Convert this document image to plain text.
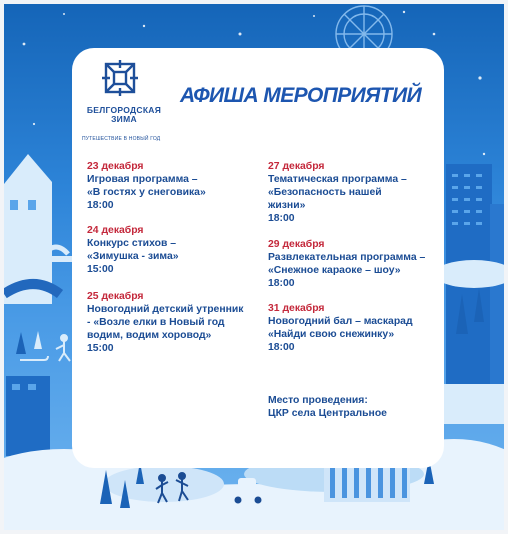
БЕЛГОРОДСКАЯ
ЗИМА
ПУТЕШЕСТВИЕ В НОВЫЙ ГОД
АФИША МЕРОПРИЯТИЙ
23 декабря
Игровая программа –
«В гостях у снеговика»
18:00
24 декабря
Конкурс стихов –
«Зимушка - зима»
15:00
25 декабря
Новогодний детский утренник
- «Возле елки в Новый год
водим, водим хоровод»
15:00
27 декабря
Тематическая программа –
«Безопасность нашей
жизни»
18:00
29 декабря
Развлекательная программа –
«Снежное караоке – шоу»
18:00
31 декабря
Новогодний бал – маскарад
«Найди свою снежинку»
18:00
Место проведения:
ЦКР села Центральное
